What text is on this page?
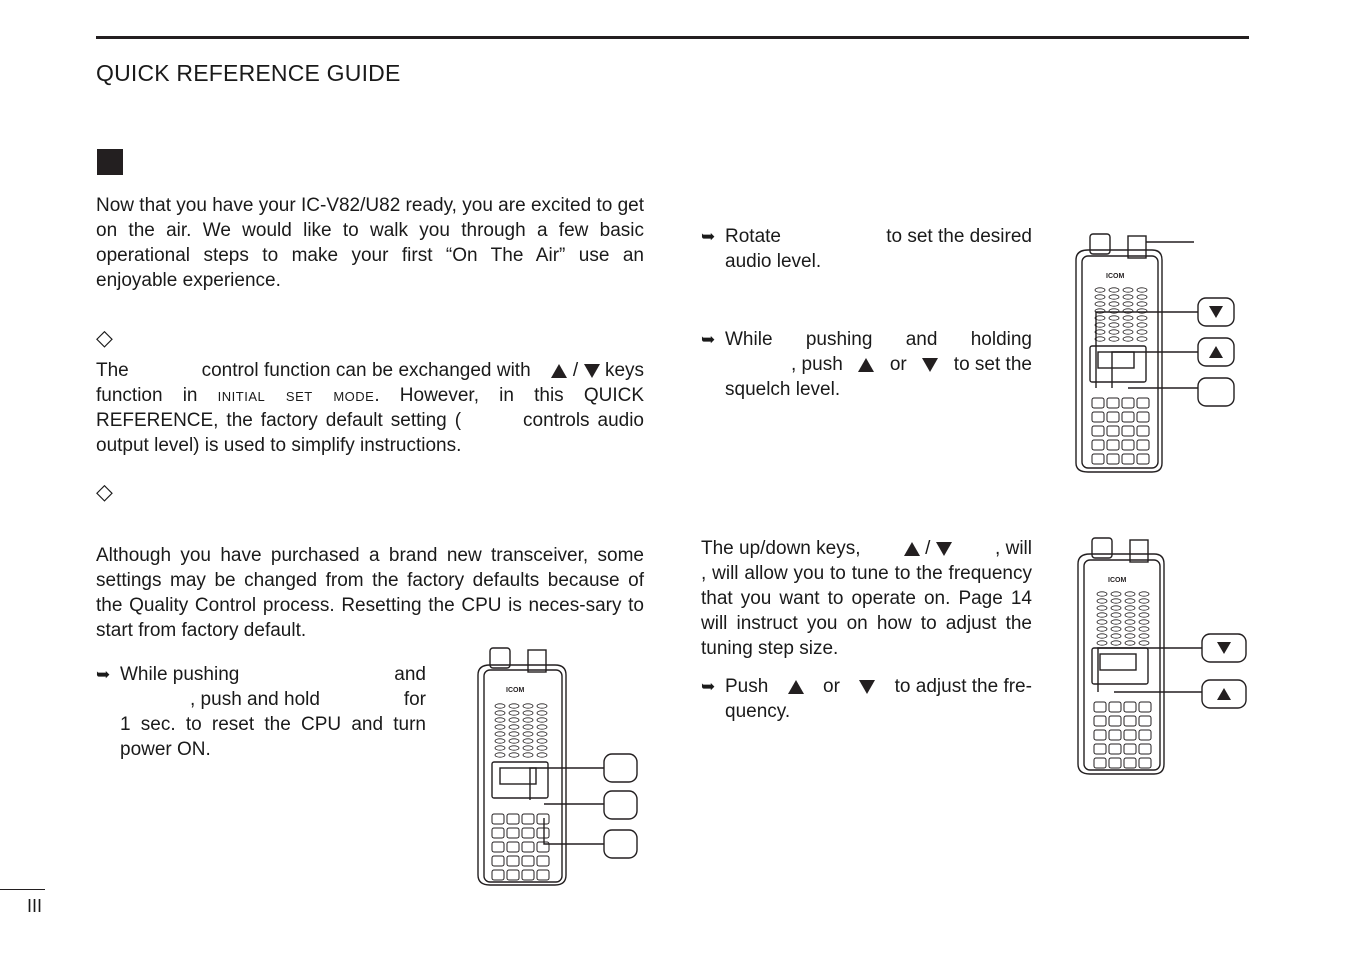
QUICK REFERENCE GUIDE
Now that you have your IC-V82/U82 ready, you are excited to get on the air. We would like to walk you through a few basic operational steps to make your first “On The Air” use an enjoyable experience.
◇
The	control function can be exchanged with / keys function in initial set mode. However, in this QUICK REFERENCE, the factory default setting (	controls audio output level) is used to simplify instructions.
◇
Although you have purchased a brand new transceiver, some settings may be changed from the factory defaults because of the Quality Control process. Resetting the CPU is neces-sary to start from factory default.
➥ While pushing	and
, push and hold	for
1 sec. to reset the CPU and turn power ON.
➥ Rotate	to set the desired
audio level.
➥ While pushing and holding
, push or to set the
squelch level.
The up/down keys,	/	, will
, will allow you to tune to the frequency that you want to operate on. Page 14 will instruct you on how to adjust the tuning step size.
➥ Push	or	to adjust the fre-
quency.
ICOM
ICOM
ICOM
III
